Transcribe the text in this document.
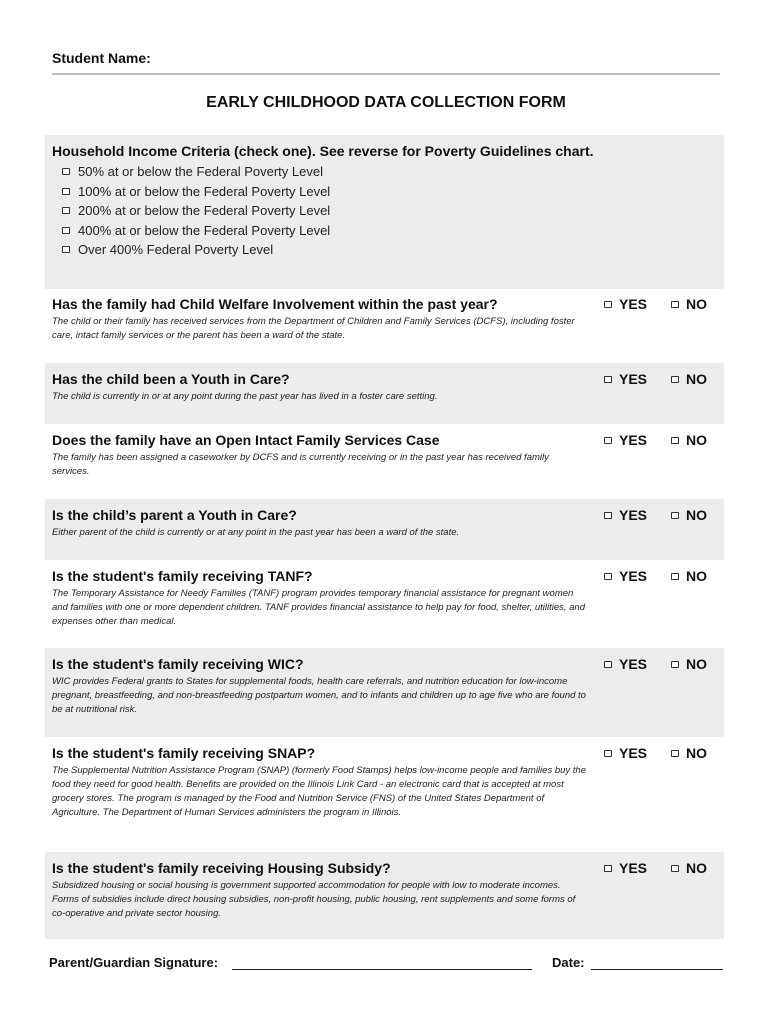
Student Name:
EARLY CHILDHOOD DATA COLLECTION FORM
Household Income Criteria (check one). See reverse for Poverty Guidelines chart.
50% at or below the Federal Poverty Level
100% at or below the Federal Poverty Level
200% at or below the Federal Poverty Level
400% at or below the Federal Poverty Level
Over 400% Federal Poverty Level
Has the family had Child Welfare Involvement within the past year?
The child or their family has received services from the Department of Children and Family Services (DCFS), including foster care, intact family services or the parent has been a ward of the state.
YES	NO
Has the child been a Youth in Care?
The child is currently in or at any point during the past year has lived in a foster care setting.
YES	NO
Does the family have an Open Intact Family Services Case
The family has been assigned a caseworker by DCFS and is currently receiving or in the past year has received family services.
YES	NO
Is the child’s parent a Youth in Care?
Either parent of the child is currently or at any point in the past year has been a ward of the state.
YES	NO
Is the student's family receiving TANF?
The Temporary Assistance for Needy Families (TANF) program provides temporary financial assistance for pregnant women and families with one or more dependent children. TANF provides financial assistance to help pay for food, shelter, utilities, and expenses other than medical.
YES	NO
Is the student's family receiving WIC?
WIC provides Federal grants to States for supplemental foods, health care referrals, and nutrition education for low-income pregnant, breastfeeding, and non-breastfeeding postpartum women, and to infants and children up to age five who are found to be at nutritional risk.
YES	NO
Is the student's family receiving SNAP?
The Supplemental Nutrition Assistance Program (SNAP) (formerly Food Stamps) helps low-income people and families buy the food they need for good health. Benefits are provided on the Illinois Link Card - an electronic card that is accepted at most grocery stores. The program is managed by the Food and Nutrition Service (FNS) of the United States Department of Agriculture. The Department of Human Services administers the program in Illinois.
YES	NO
Is the student's family receiving Housing Subsidy?
Subsidized housing or social housing is government supported accommodation for people with low to moderate incomes. Forms of subsidies include direct housing subsidies, non-profit housing, public housing, rent supplements and some forms of co-operative and private sector housing.
YES	NO
Parent/Guardian Signature:	Date:
